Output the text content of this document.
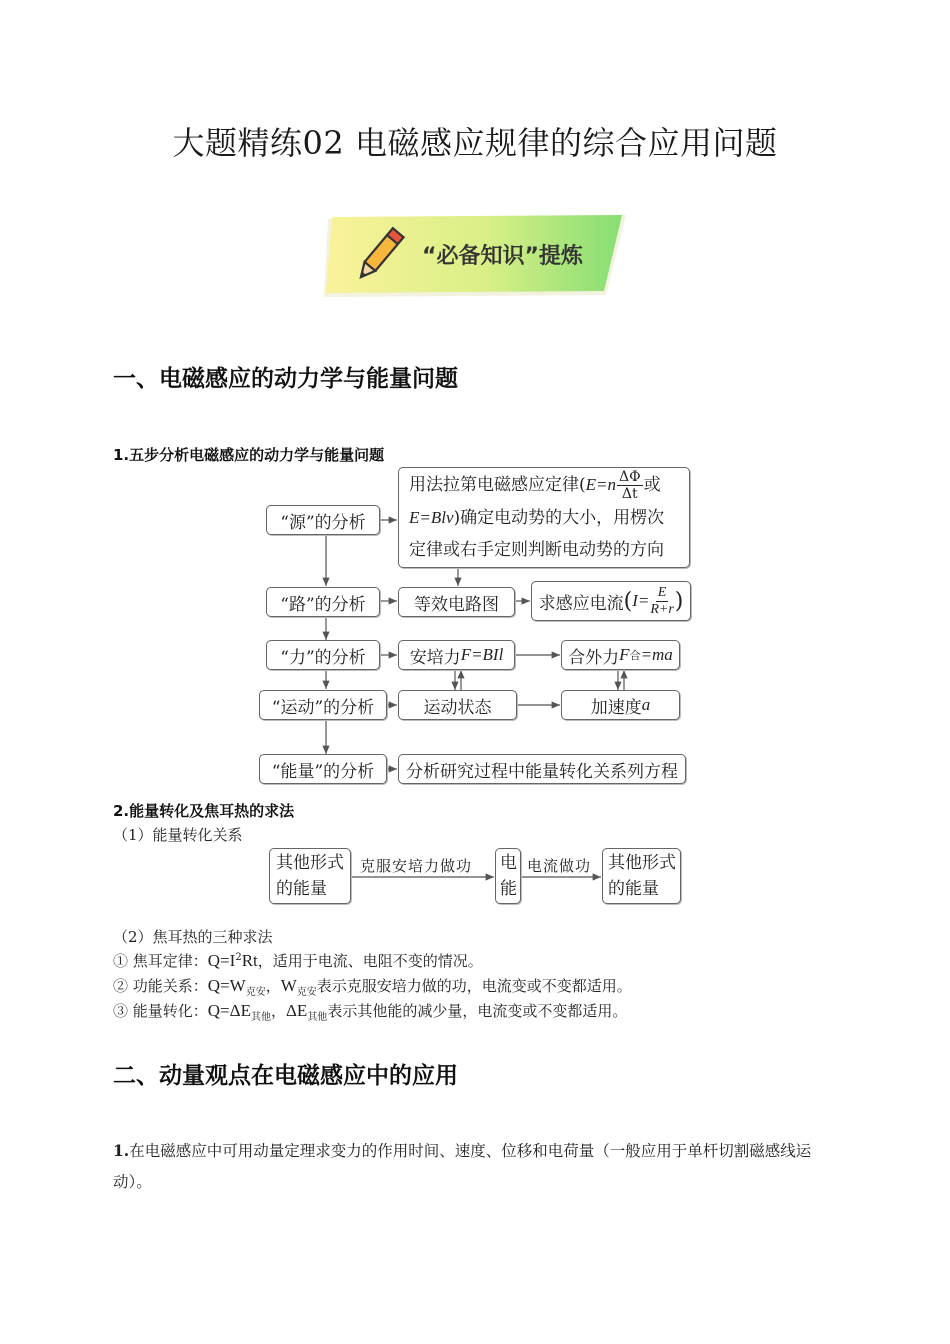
大题精练02 电磁感应规律的综合应用问题
“必备知识”提炼
一、电磁感应的动力学与能量问题
1.五步分析电磁感应的动力学与能量问题
“源”的分析
用法拉第电磁感应定律($E=n \frac{\Delta\Phi}{\Delta t}$ 或
E=Blv)确定电动势的大小，用楞次
定律或右手定则判断电动势的方向
“路”的分析	等效电路图	求感应电流 ( $I= \frac{E}{R+r}$ )
“力”的分析	安培力 F=BIl	合外力 F 合 =ma
“运动”的分析	运动状态	加速度 a
“能量”的分析	分析研究过程中能量转化关系列方程
2.能量转化及焦耳热的求法
（1）能量转化关系
其他形式
的能量
克服安培力做功 电
能
电流做功 其他形式
的能量
（2）焦耳热的三种求法
① 焦耳定律：$Q=I^2Rt$，适用于电流、电阻不变的情况。
② 功能关系：$Q=W_{克安}$，$W_{克安}$表示克服安培力做的功，电流变或不变都适用。
③ 能量转化：$Q=\Delta E_{其他}$，$\Delta E_{其他}$表示其他能的减少量，电流变或不变都适用。
二、动量观点在电磁感应中的应用
1.在电磁感应中可用动量定理求变力的作用时间、速度、位移和电荷量（一般应用于单杆切割磁感线运动）。
